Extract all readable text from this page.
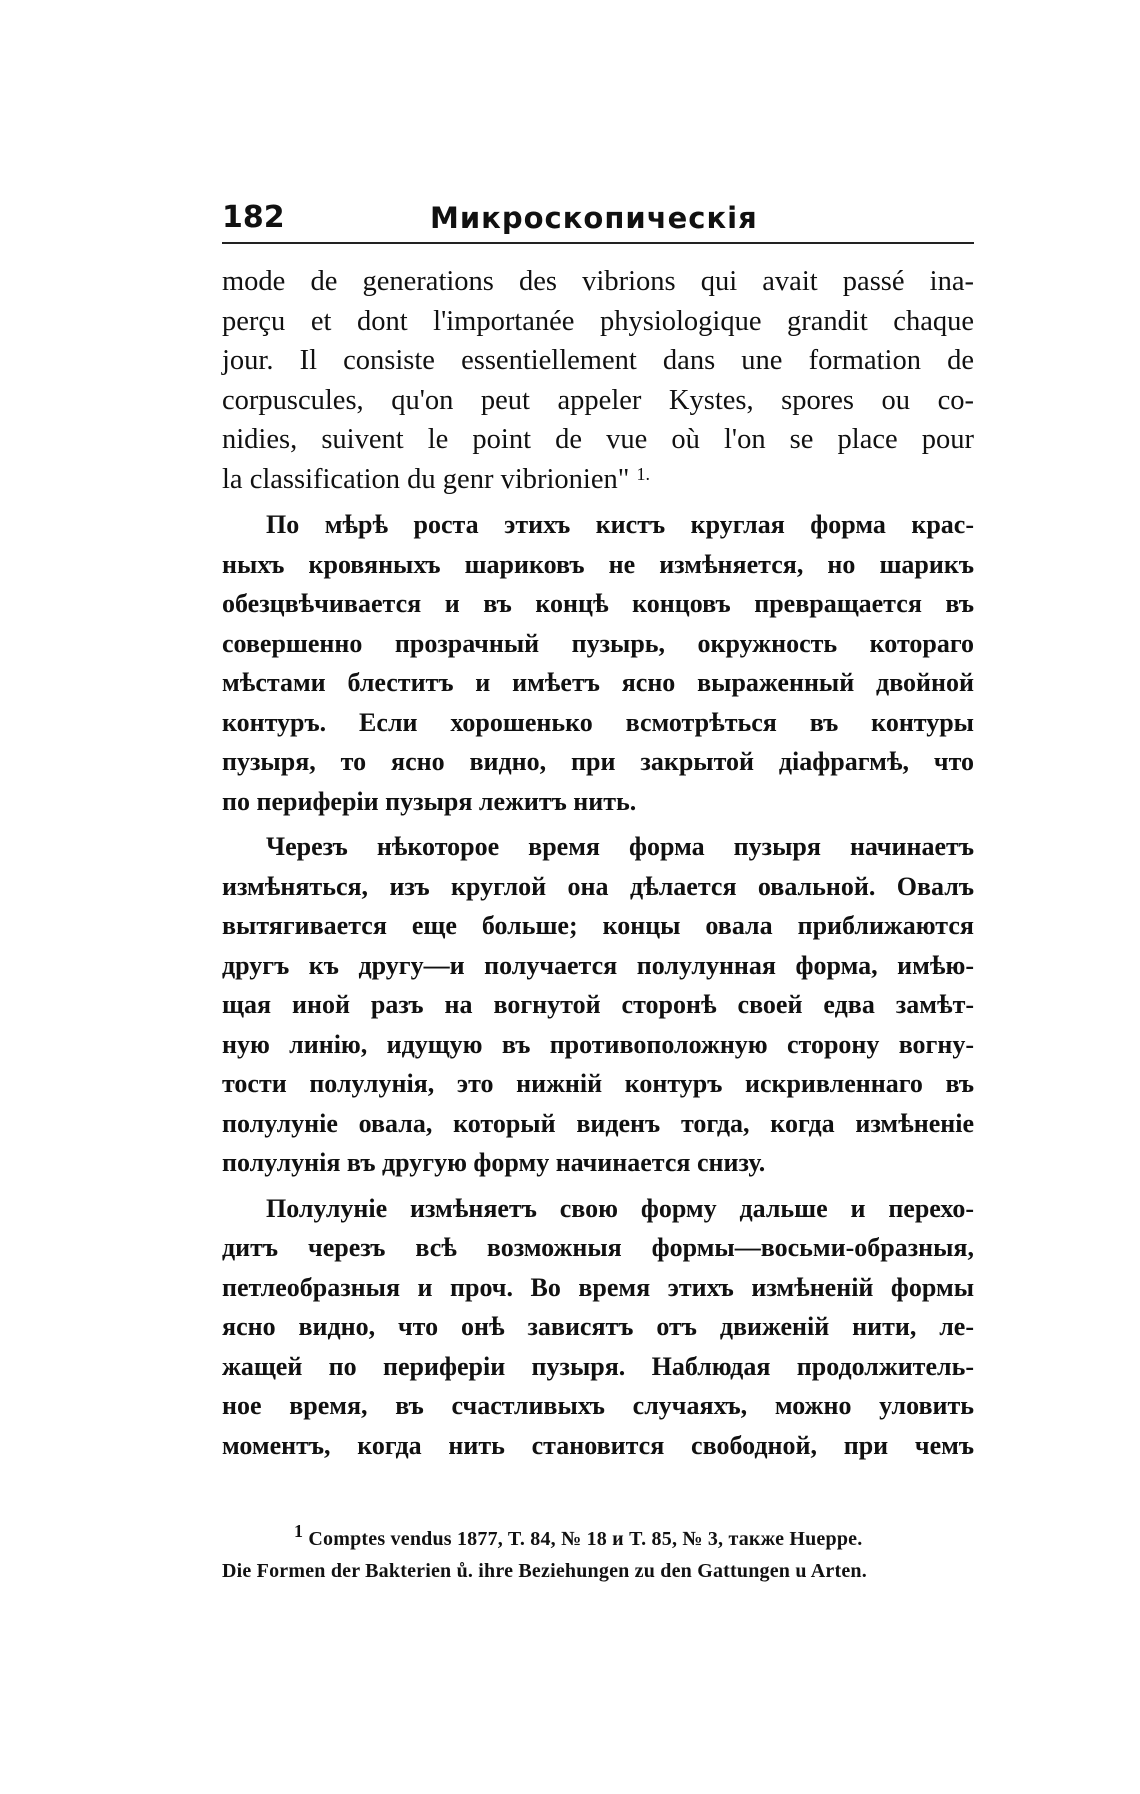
182	Микроскопическія

mode de generations des vibrions qui avait passé ina-
perçu et dont l'importanée physiologique grandit chaque
jour. Il consiste essentiellement dans une formation de
corpuscules, qu'on peut appeler Kystes, spores ou co-
nidies, suivent le point de vue où l'on se place pour
la classification du genr vibrionien" $^{1.}$

По мѣрѣ роста этихъ кистъ круглая форма крас-
ныхъ кровяныхъ шариковъ не измѣняется, но шарикъ
обезцвѣчивается и въ концѣ концовъ превращается въ
совершенно прозрачный пузырь, окружность котораго
мѣстами блеститъ и имѣетъ ясно выраженный двойной
контуръ. Если хорошенько всмотрѣться въ контуры
пузыря, то ясно видно, при закрытой діафрагмѣ, что
по периферіи пузыря лежитъ нить.

Черезъ нѣкоторое время форма пузыря начинаетъ
измѣняться, изъ круглой она дѣлается овальной. Овалъ
вытягивается еще больше; концы овала приближаются
другъ къ другу—и получается полулунная форма, имѣю-
щая иной разъ на вогнутой сторонѣ своей едва замѣт-
ную линію, идущую въ противоположную сторону вогну-
тости полулунія, это нижній контуръ искривленнаго въ
полулуніе овала, который виденъ тогда, когда измѣненіе
полулунія въ другую форму начинается снизу.

Полулуніе измѣняетъ свою форму дальше и перехо-
дитъ черезъ всѣ возможныя формы—восьми-образныя,
петлеобразныя и проч. Во время этихъ измѣненій формы
ясно видно, что онѣ зависятъ отъ движеній нити, ле-
жащей по периферіи пузыря. Наблюдая продолжитель-
ное время, въ счастливыхъ случаяхъ, можно уловить
моментъ, когда нить становится свободной, при чемъ

$^1$ Comptes vendus 1877, T. 84, № 18 и T. 85, № 3, также Hueppe.
Die Formen der Bakterien ů. ihre Beziehungen zu den Gattungen u Arten.
